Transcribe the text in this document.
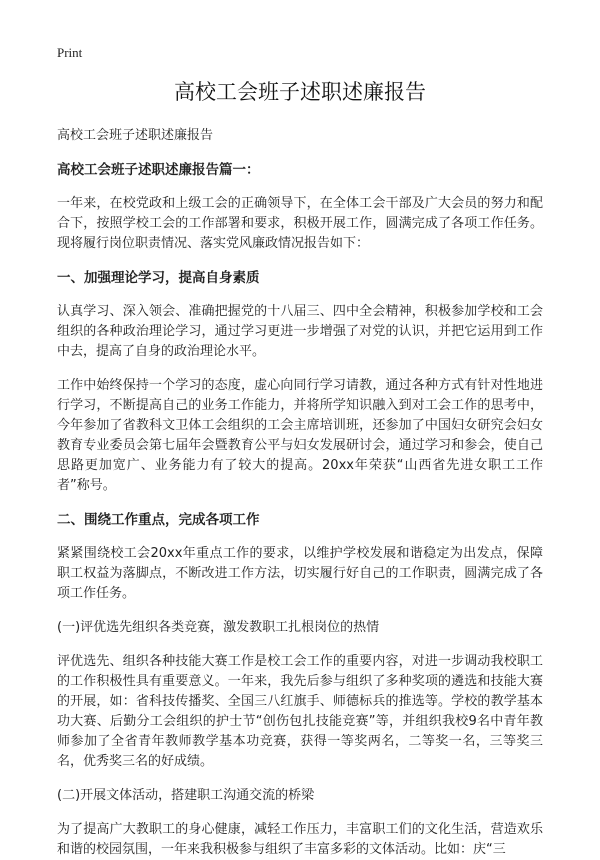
Print
高校工会班子述职述廉报告
高校工会班子述职述廉报告
高校工会班子述职述廉报告篇一：

一年来，在校党政和上级工会的正确领导下，在全体工会干部及广大会员的努力和配合下，按照学校工会的工作部署和要求，积极开展工作，圆满完成了各项工作任务。现将履行岗位职责情况、落实党风廉政情况报告如下：

一、加强理论学习，提高自身素质

认真学习、深入领会、准确把握党的十八届三、四中全会精神，积极参加学校和工会组织的各种政治理论学习，通过学习更进一步增强了对党的认识，并把它运用到工作中去，提高了自身的政治理论水平。

工作中始终保持一个学习的态度，虚心向同行学习请教，通过各种方式有针对性地进行学习，不断提高自己的业务工作能力，并将所学知识融入到对工会工作的思考中，今年参加了省教科文卫体工会组织的工会主席培训班，还参加了中国妇女研究会妇女教育专业委员会第七届年会暨教育公平与妇女发展研讨会，通过学习和参会，使自己思路更加宽广、业务能力有了较大的提高。20xx年荣获“山西省先进女职工工作者”称号。

二、围绕工作重点，完成各项工作

紧紧围绕校工会20xx年重点工作的要求，以维护学校发展和谐稳定为出发点，保障职工权益为落脚点，不断改进工作方法，切实履行好自己的工作职责，圆满完成了各项工作任务。

(一)评优选先组织各类竞赛，激发教职工扎根岗位的热情

评优选先、组织各种技能大赛工作是校工会工作的重要内容，对进一步调动我校职工的工作积极性具有重要意义。一年来，我先后参与组织了多种奖项的遴选和技能大赛的开展，如：省科技传播奖、全国三八红旗手、师德标兵的推选等。学校的教学基本功大赛、后勤分工会组织的护士节“创伤包扎技能竞赛”等，并组织我校9名中青年教师参加了全省青年教师教学基本功竞赛，获得一等奖两名，二等奖一名，三等奖三名，优秀奖三名的好成绩。

(二)开展文体活动，搭建职工沟通交流的桥梁

为了提高广大教职工的身心健康，减轻工作压力，丰富职工们的文化生活，营造欢乐和谐的校园氛围，一年来我积极参与组织了丰富多彩的文体活动。比如：庆“三
